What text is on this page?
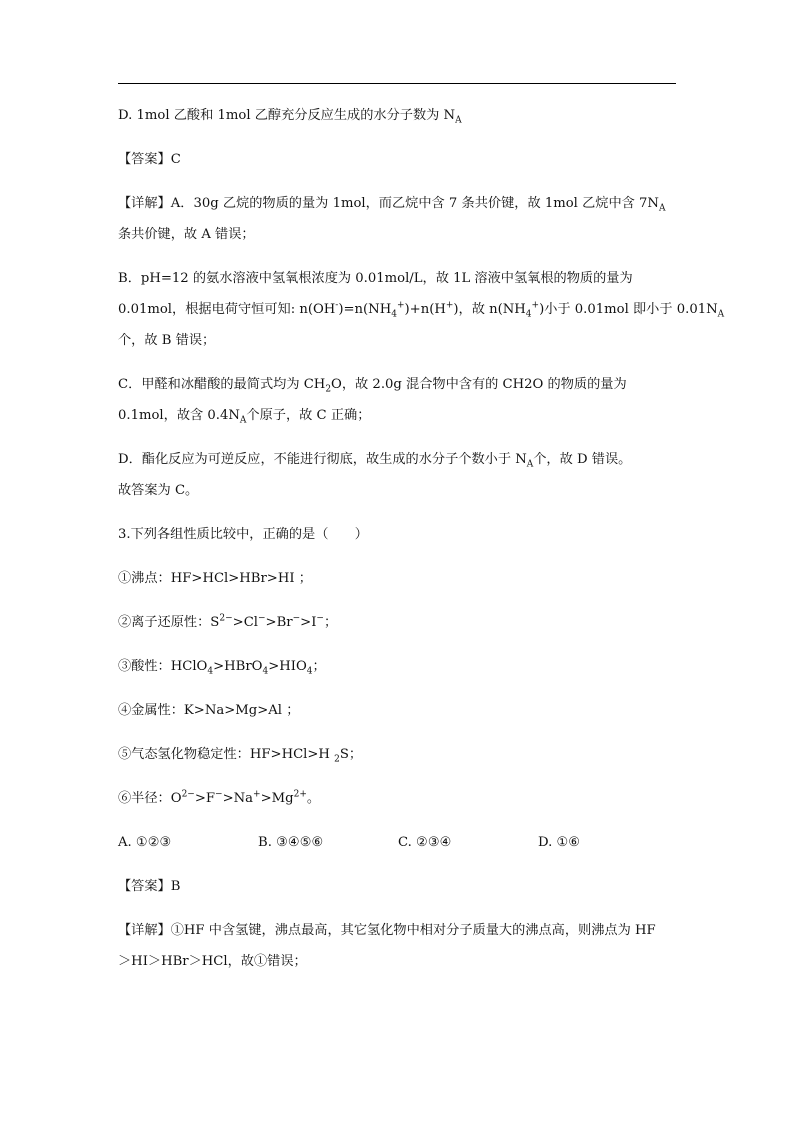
D. 1mol 乙酸和 1mol 乙醇充分反应生成的水分子数为 $N_A$
【答案】C
【详解】A．30g 乙烷的物质的量为 1mol，而乙烷中含 7 条共价键，故 1mol 乙烷中含 $7N_A$
条共价键，故 A 错误；
B．pH=12 的氨水溶液中氢氧根浓度为 0.01mol/L，故 1L 溶液中氢氧根的物质的量为
0.01mol，根据电荷守恒可知: $n(OH^-)=n(NH_4^+)+n(H^+)$，故 $n(NH_4^+)$小于 0.01mol 即小于 $0.01N_A$
个，故 B 错误；
C．甲醛和冰醋酸的最简式均为 $CH_2O$，故 2.0g 混合物中含有的 CH2O 的物质的量为
0.1mol，故含 $0.4N_A$个原子，故 C 正确；
D．酯化反应为可逆反应，不能进行彻底，故生成的水分子个数小于 $N_A$个，故 D 错误。
故答案为 C。
3.下列各组性质比较中，正确的是（　　）
①沸点：HF>HCl>HBr>HI ；
②离子还原性：$S^{2-}>Cl^->Br^->I^-$；
③酸性：$HClO_4>HBrO_4>HIO_4$；
④金属性：K>Na>Mg>Al ；
⑤气态氢化物稳定性：HF>HCl>H $_2$S；
⑥半径：$O^{2-}>F^->Na^+>Mg^{2+}$。
A. ①②③	B. ③④⑤⑥	C. ②③④	D. ①⑥
【答案】B
【详解】①HF 中含氢键，沸点最高，其它氢化物中相对分子质量大的沸点高，则沸点为 HF
＞HI＞HBr＞HCl，故①错误；
